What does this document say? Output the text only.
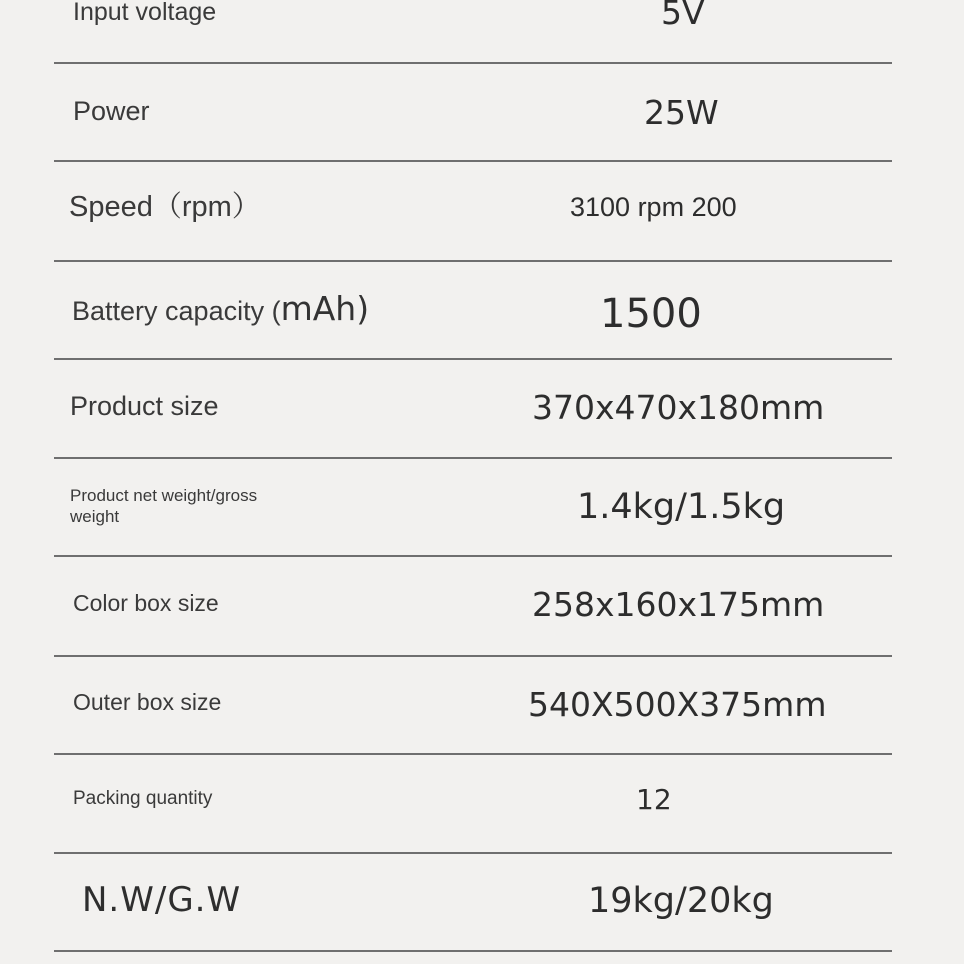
Input voltage	5V
Power	25W
Speed（rpm）	3100 rpm 200
Battery capacity (mAh)	1500
Product size	370x470x180mm
Product net weight/gross weight	1.4kg/1.5kg
Color box size	258x160x175mm
Outer box size	540X500X375mm
Packing quantity	12
N.W/G.W	19kg/20kg
